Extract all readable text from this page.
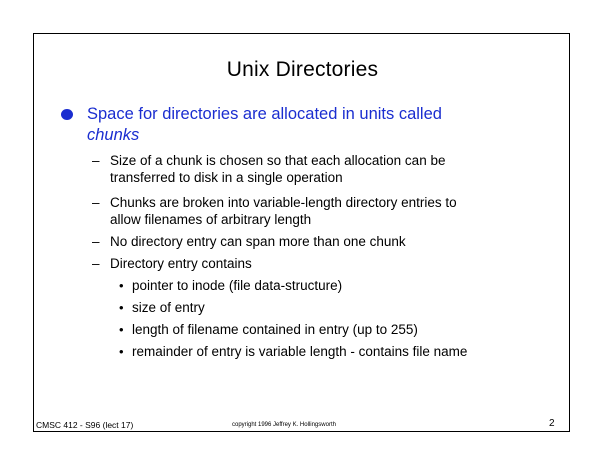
Unix Directories
Space for directories are allocated in units called
chunks
– Size of a chunk is chosen so that each allocation can be
transferred to disk in a single operation
– Chunks are broken into variable-length directory entries to
allow filenames of arbitrary length
– No directory entry can span more than one chunk
– Directory entry contains
• pointer to inode (file data-structure)
• size of entry
• length of filename contained in entry (up to 255)
• remainder of entry is variable length - contains file name
CMSC 412 - S96 (lect 17)	copyright 1996 Jeffrey K. Hollingsworth	2
